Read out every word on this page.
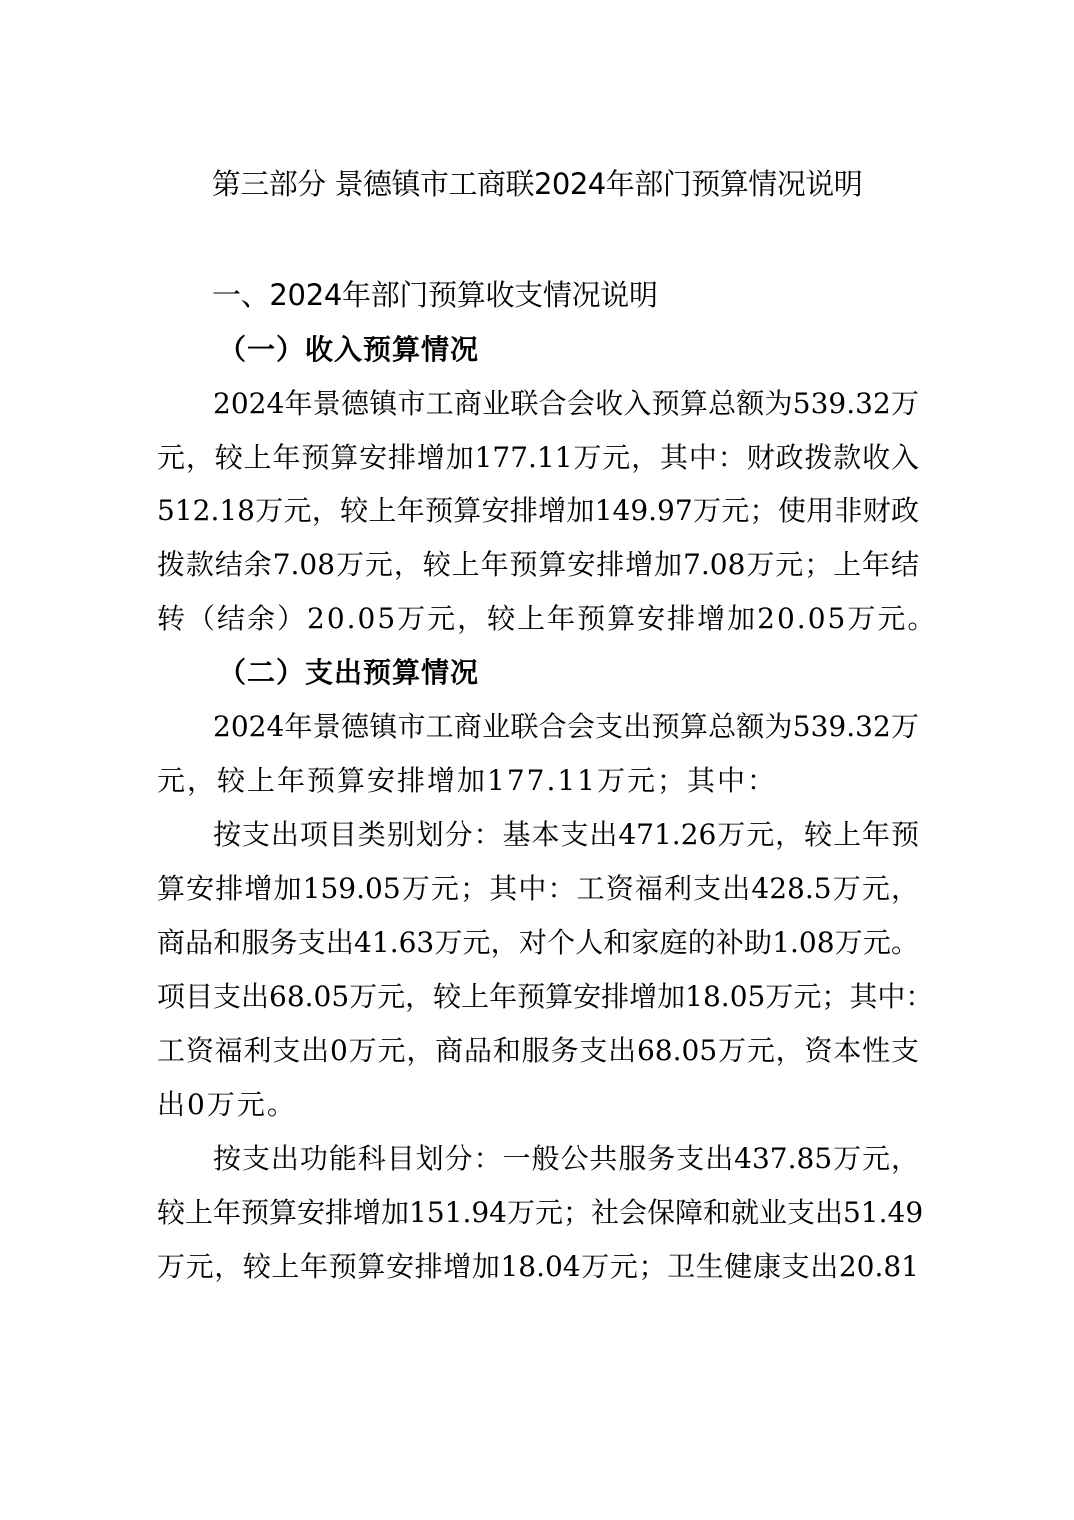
第三部分 景德镇市工商联2024年部门预算情况说明
一、2024年部门预算收支情况说明
（一）收入预算情况
2024年景德镇市工商业联合会收入预算总额为539.32万
元，较上年预算安排增加177.11万元，其中：财政拨款收入
512.18万元，较上年预算安排增加149.97万元；使用非财政
拨款结余7.08万元，较上年预算安排增加7.08万元；上年结
转（结余）20.05万元，较上年预算安排增加20.05万元。
（二）支出预算情况
2024年景德镇市工商业联合会支出预算总额为539.32万
元，较上年预算安排增加177.11万元；其中：
按支出项目类别划分：基本支出471.26万元，较上年预
算安排增加159.05万元；其中：工资福利支出428.5万元，
商品和服务支出41.63万元，对个人和家庭的补助1.08万元。
项目支出68.05万元，较上年预算安排增加18.05万元；其中：
工资福利支出0万元，商品和服务支出68.05万元，资本性支
出0万元。
按支出功能科目划分：一般公共服务支出437.85万元，
较上年预算安排增加151.94万元；社会保障和就业支出51.49
万元，较上年预算安排增加18.04万元；卫生健康支出20.81
